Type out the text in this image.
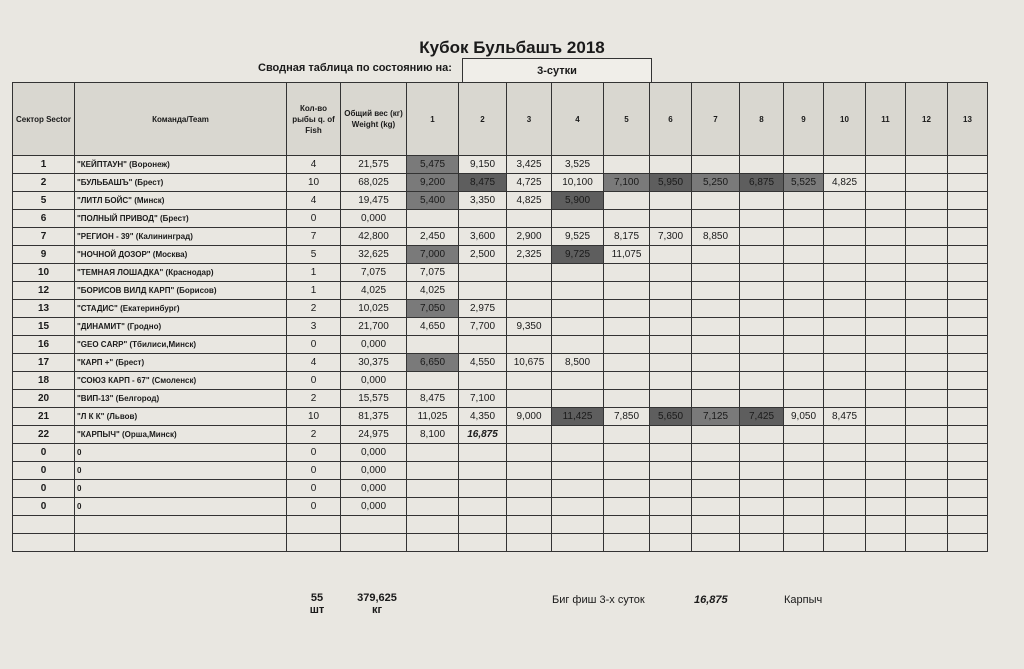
Кубок Бульбашъ 2018
Сводная таблица по состоянию на:	3-сутки
Сектор Sector	Команда/Team	Кол-во рыбы q. of Fish	Общий вес (кг) Weight (kg)	1	2	3	4	5	6	7	8	9	10	11	12	13
1	"КЕЙПТАУН" (Воронеж)	4	21,575	5,475	9,150	3,425	3,525									
2	"БУЛЬБАШЪ" (Брест)	10	68,025	9,200	8,475	4,725	10,100	7,100	5,950	5,250	6,875	5,525	4,825			
5	"ЛИТЛ БОЙС" (Минск)	4	19,475	5,400	3,350	4,825	5,900									
6	"ПОЛНЫЙ ПРИВОД" (Брест)	0	0,000													
7	"РЕГИОН - 39" (Калининград)	7	42,800	2,450	3,600	2,900	9,525	8,175	7,300	8,850						
9	"НОЧНОЙ ДОЗОР" (Москва)	5	32,625	7,000	2,500	2,325	9,725	11,075								
10	"ТЕМНАЯ ЛОШАДКА" (Краснодар)	1	7,075	7,075												
12	"БОРИСОВ ВИЛД КАРП" (Борисов)	1	4,025	4,025												
13	"СТАДИС" (Екатеринбург)	2	10,025	7,050	2,975											
15	"ДИНАМИТ" (Гродно)	3	21,700	4,650	7,700	9,350										
16	"GEO CARP" (Тбилиси,Минск)	0	0,000													
17	"КАРП +" (Брест)	4	30,375	6,650	4,550	10,675	8,500									
18	"СОЮЗ КАРП - 67" (Смоленск)	0	0,000													
20	"ВИП-13" (Белгород)	2	15,575	8,475	7,100											
21	"Л К К" (Львов)	10	81,375	11,025	4,350	9,000	11,425	7,850	5,650	7,125	7,425	9,050	8,475			
22	"КАРПЫЧ" (Орша,Минск)	2	24,975	8,100	16,875											
0	0	0	0,000													
0	0	0	0,000													
0	0	0	0,000													
0	0	0	0,000													

55
шт
379,625
кг
Биг фиш 3-х суток	16,875	Карпыч
